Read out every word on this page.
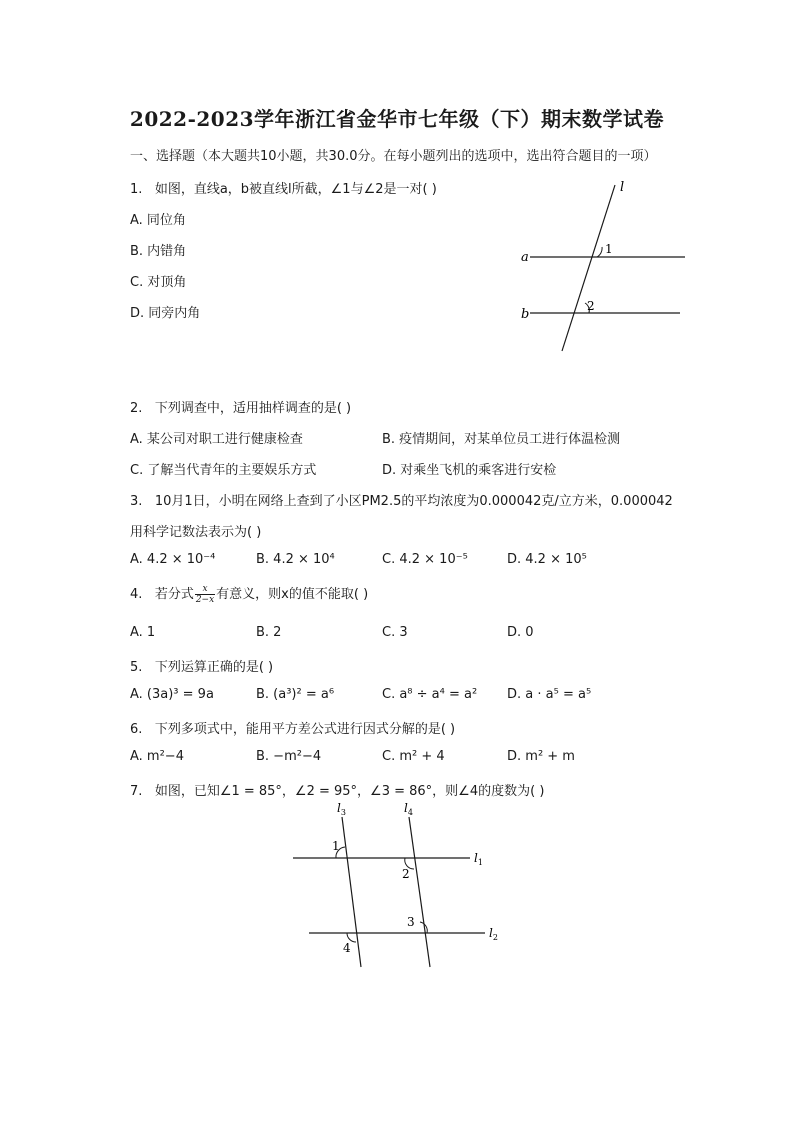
2022-2023学年浙江省金华市七年级（下）期末数学试卷
一、选择题（本大题共10小题，共30.0分。在每小题列出的选项中，选出符合题目的一项）
1. 如图，直线a，b被直线l所截，∠1与∠2是一对( )
A. 同位角
B. 内错角
C. 对顶角
D. 同旁内角
l
a
b
1
2
2. 下列调查中，适用抽样调查的是( )
A. 某公司对职工进行健康检查	B. 疫情期间，对某单位员工进行体温检测
C. 了解当代青年的主要娱乐方式	D. 对乘坐飞机的乘客进行安检
3. 10月1日，小明在网络上查到了小区PM2.5的平均浓度为0.000042克/立方米，0.000042
用科学记数法表示为( )
A. 4.2 × 10⁻⁴	B. 4.2 × 10⁴	C. 4.2 × 10⁻⁵	D. 4.2 × 10⁵
4. 若分式 $\frac{x}{2-x}$ 有意义，则x的值不能取( )
A. 1	B. 2	C. 3	D. 0
5. 下列运算正确的是( )
A. (3a)³ = 9a	B. (a³)² = a⁶	C. a⁸ ÷ a⁴ = a² D. a · a⁵ = a⁵
6. 下列多项式中，能用平方差公式进行因式分解的是( )
A. m²−4	B. −m²−4	C. m² + 4	D. m² + m
7. 如图，已知∠1 = 85°，∠2 = 95°，∠3 = 86°，则∠4的度数为( )
$l_3$	$l_4$
$l_1$
$l_2$
1
2
3
4
